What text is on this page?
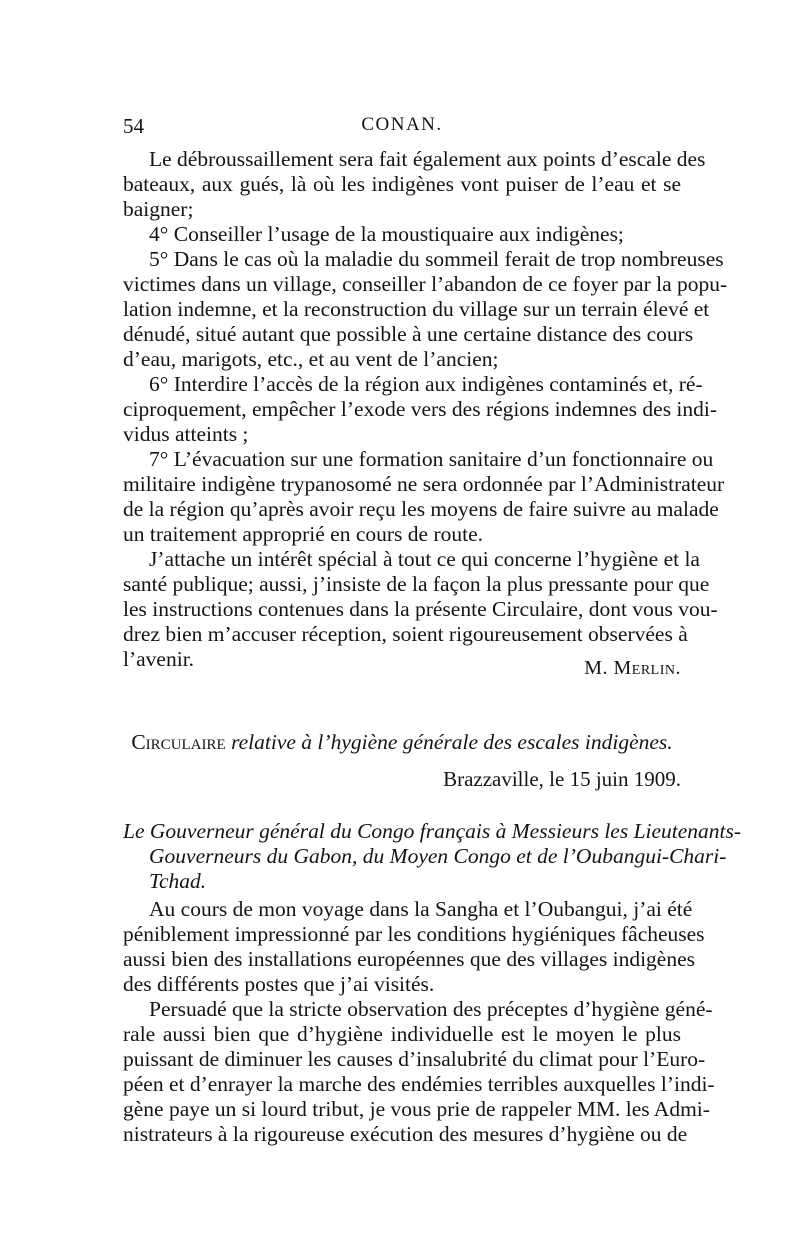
54	CONAN.
Le débroussaillement sera fait également aux points d’escale des
bateaux, aux gués, là où les indigènes vont puiser de l’eau et se
baigner;
4° Conseiller l’usage de la moustiquaire aux indigènes;
5° Dans le cas où la maladie du sommeil ferait de trop nombreuses
victimes dans un village, conseiller l’abandon de ce foyer par la popu-
lation indemne, et la reconstruction du village sur un terrain élevé et
dénudé, situé autant que possible à une certaine distance des cours
d’eau, marigots, etc., et au vent de l’ancien;
6° Interdire l’accès de la région aux indigènes contaminés et, ré-
ciproquement, empêcher l’exode vers des régions indemnes des indi-
vidus atteints ;
7° L’évacuation sur une formation sanitaire d’un fonctionnaire ou
militaire indigène trypanosomé ne sera ordonnée par l’Administrateur
de la région qu’après avoir reçu les moyens de faire suivre au malade
un traitement approprié en cours de route.
J’attache un intérêt spécial à tout ce qui concerne l’hygiène et la
santé publique; aussi, j’insiste de la façon la plus pressante pour que
les instructions contenues dans la présente Circulaire, dont vous vou-
drez bien m’accuser réception, soient rigoureusement observées à
l’avenir.	M. Merlin.
Circulaire relative à l’hygiène générale des escales indigènes.
Brazzaville, le 15 juin 1909.
Le Gouverneur général du Congo français à Messieurs les Lieutenants-
Gouverneurs du Gabon, du Moyen Congo et de l’Oubangui-Chari-
Tchad.
Au cours de mon voyage dans la Sangha et l’Oubangui, j’ai été
péniblement impressionné par les conditions hygiéniques fâcheuses
aussi bien des installations européennes que des villages indigènes
des différents postes que j’ai visités.
Persuadé que la stricte observation des préceptes d’hygiène géné-
rale aussi bien que d’hygiène individuelle est le moyen le plus
puissant de diminuer les causes d’insalubrité du climat pour l’Euro-
péen et d’enrayer la marche des endémies terribles auxquelles l’indi-
gène paye un si lourd tribut, je vous prie de rappeler MM. les Admi-
nistrateurs à la rigoureuse exécution des mesures d’hygiène ou de
